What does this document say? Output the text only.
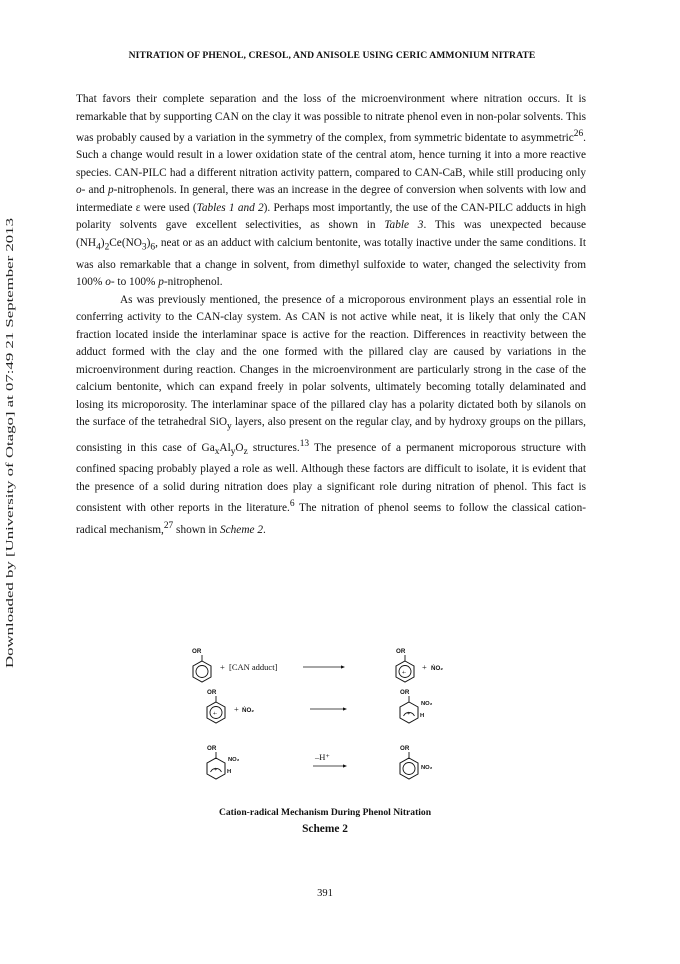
NITRATION OF PHENOL, CRESOL, AND ANISOLE USING CERIC AMMONIUM NITRATE
Downloaded by [University of Otago] at 07:49 21 September 2013

That favors their complete separation and the loss of the microenvironment where nitration occurs. It is remarkable that by supporting CAN on the clay it was possible to nitrate phenol even in non-polar solvents. This was probably caused by a variation in the symmetry of the complex, from symmetric bidentate to asymmetric$^{26}$. Such a change would result in a lower oxidation state of the central atom, hence turning it into a more reactive species. CAN-PILC had a different nitration activity pattern, compared to CAN-CaB, while still producing only o- and p-nitrophenols. In general, there was an increase in the degree of conversion when solvents with low and intermediate ε were used (Tables 1 and 2). Perhaps most importantly, the use of the CAN-PILC adducts in high polarity solvents gave excellent selectivities, as shown in Table 3. This was unexpected because $(NH_4)_2Ce(NO_3)_6$, neat or as an adduct with calcium bentonite, was totally inactive under the same conditions. It was also remarkable that a change in solvent, from dimethyl sulfoxide to water, changed the selectivity from 100% o- to 100% p-nitrophenol.

As was previously mentioned, the presence of a microporous environment plays an essential role in conferring activity to the CAN-clay system. As CAN is not active while neat, it is likely that only the CAN fraction located inside the interlaminar space is active for the reaction. Differences in reactivity between the adduct formed with the clay and the one formed with the pillared clay are caused by variations in the microenvironment during reaction. Changes in the microenvironment are particularly strong in the case of the calcium bentonite, which can expand freely in polar solvents, ultimately becoming totally delaminated and losing its microporosity. The interlaminar space of the pillared clay has a polarity dictated both by silanols on the surface of the tetrahedral SiO$_y$ layers, also present on the regular clay, and by hydroxy groups on the pillars, consisting in this case of $Ga_xAl_yO_z$ structures.$^{13}$ The presence of a permanent microporous structure with confined spacing probably played a role as well. Although these factors are difficult to isolate, it is evident that the presence of a solid during nitration does play a significant role during nitration of phenol. This fact is consistent with other reports in the literature.$^6$ The nitration of phenol seems to follow the classical cation-radical mechanism,$^{27}$ shown in Scheme 2.

OR
+ [CAN adduct]
OR
+·
+ ṄO₂
OR
+· + ṄO₂
OR
+
NO₂
H
OR
+
NO₂
H
–H⁺
OR
NO₂
Cation-radical Mechanism During Phenol Nitration
Scheme 2
391
